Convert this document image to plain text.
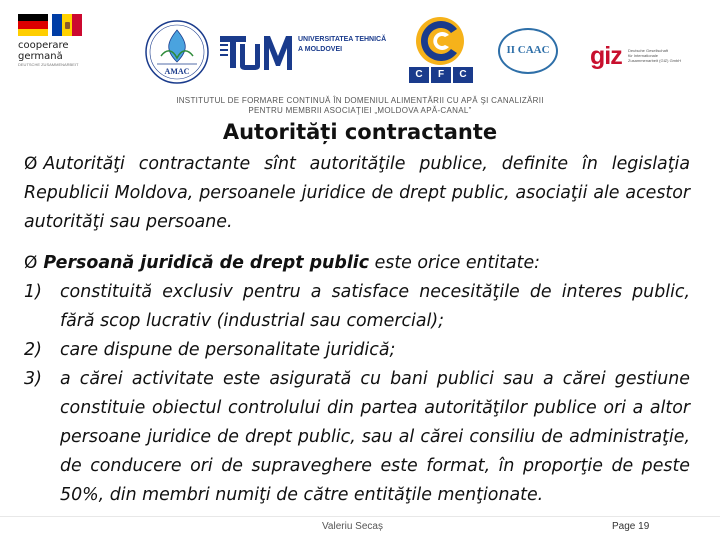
cooperare
germană
DEUTSCHE ZUSAMMENARBEIT
AMAC
UNIVERSITATEA TEHNICĂ
A MOLDOVEI
C	F	C
II CAAC	giz Deutsche Gesellschaft
für Internationale
Zusammenarbeit (GIZ) GmbH
INSTITUTUL DE FORMARE CONTINUĂ ÎN DOMENIUL ALIMENTĂRII CU APĂ ŞI CANALIZĂRII
PENTRU MEMBRII ASOCIAŢIEI „MOLDOVA APĂ-CANAL”
Autorități contractante
Ø Autorităţi contractante sînt autorităţile publice, definite în legislaţia Republicii Moldova, persoanele juridice de drept public, asociaţii ale acestor autorităţi sau persoane.
Ø Persoană juridică de drept public este orice entitate:
1)	constituită exclusiv pentru a satisface necesităţile de interes public, fără scop lucrativ (industrial sau comercial);
2)	care dispune de personalitate juridică;
3)	a cărei activitate este asigurată cu bani publici sau a cărei gestiune constituie obiectul controlului din partea autorităţilor publice ori a altor persoane juridice de drept public, sau al cărei consiliu de administraţie, de conducere ori de supraveghere este format, în proporţie de peste 50%, din membri numiţi de către entităţile menţionate.
Valeriu Secaș	Page 19
